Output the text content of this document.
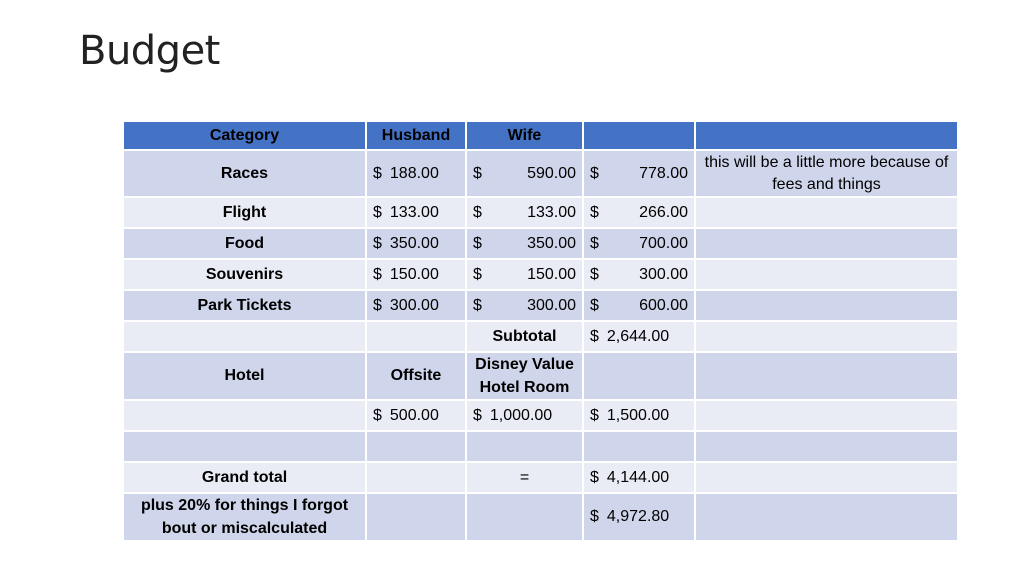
Budget
Category	Husband	Wife		
Races	$ 188.00	$ 590.00	$ 778.00	this will be a little more because of fees and things
Flight	$ 133.00	$ 133.00	$ 266.00	

Food	$ 350.00	$ 350.00	$ 700.00	

Souvenirs	$ 150.00	$ 150.00	$ 300.00	

Park Tickets	$ 300.00	$ 300.00	$ 600.00	

		Subtotal	$ 2,644.00	

Hotel	Offsite	Disney Value Hotel Room		

	$ 500.00	$ 1,000.00	$ 1,500.00	

Grand total		=	$ 4,144.00	

plus 20% for things I forgot bout or miscalculated			$ 4,972.80	
